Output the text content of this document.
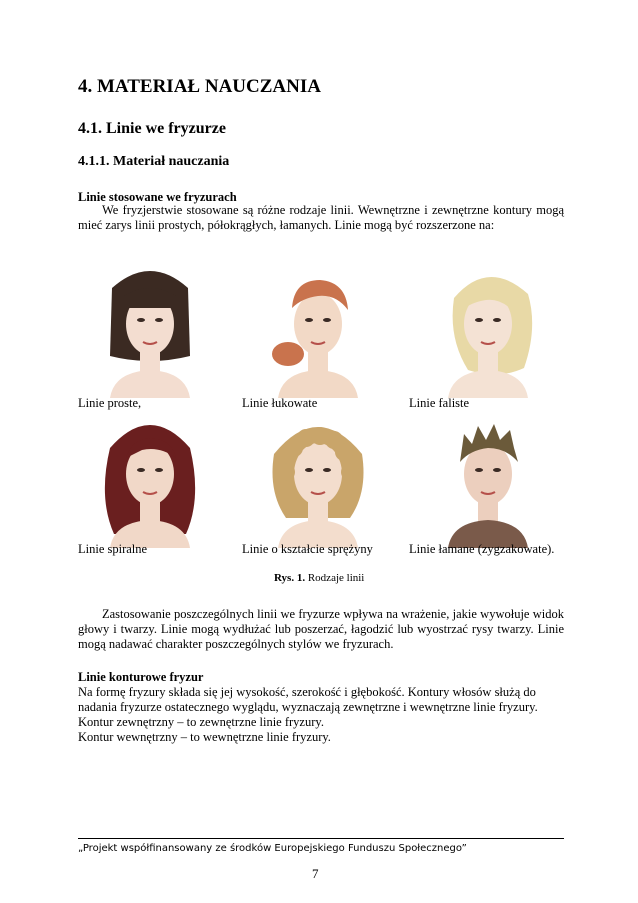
4. MATERIAŁ NAUCZANIA
4.1. Linie we fryzurze
4.1.1. Materiał nauczania
Linie stosowane we fryzurach
We fryzjerstwie stosowane są różne rodzaje linii. Wewnętrzne i zewnętrzne kontury mogą mieć zarys linii prostych, półokrągłych, łamanych. Linie mogą być rozszerzone na:
Linie proste,	Linie łukowate	Linie faliste
Linie spiralne	Linie o kształcie sprężyny	Linie łamane (zygzakowate).
Rys. 1. Rodzaje linii
Zastosowanie poszczególnych linii we fryzurze wpływa na wrażenie, jakie wywołuje widok głowy i twarzy. Linie mogą wydłużać lub poszerzać, łagodzić lub wyostrzać rysy twarzy. Linie mogą nadawać charakter poszczególnych stylów we fryzurach.
Linie konturowe fryzur
Na formę fryzury składa się jej wysokość, szerokość i głębokość. Kontury włosów służą do
nadania fryzurze ostatecznego wyglądu, wyznaczają zewnętrzne i wewnętrzne linie fryzury.
Kontur zewnętrzny – to zewnętrzne linie fryzury.
Kontur wewnętrzny – to wewnętrzne linie fryzury.
„Projekt współfinansowany ze środków Europejskiego Funduszu Społecznego”
7
